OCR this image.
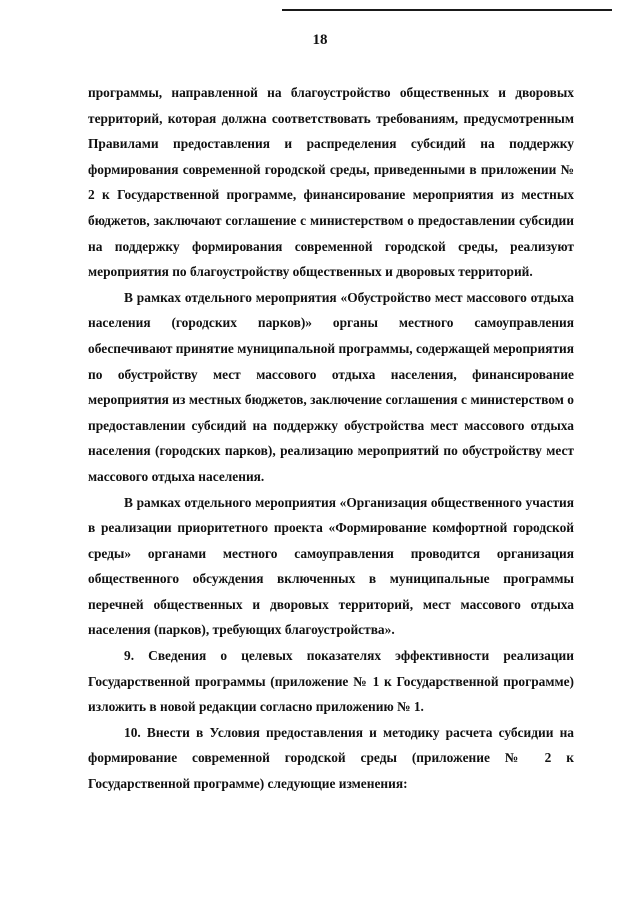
18

программы, направленной на благоустройство общественных и дворовых территорий, которая должна соответствовать требованиям, предусмотренным Правилами предоставления и распределения субсидий на поддержку формирования современной городской среды, приведенными в приложении № 2 к Государственной программе, финансирование мероприятия из местных бюджетов, заключают соглашение с министерством о предоставлении субсидии на поддержку формирования современной городской среды, реализуют мероприятия по благоустройству общественных и дворовых территорий.

В рамках отдельного мероприятия «Обустройство мест массового отдыха населения (городских парков)» органы местного самоуправления обеспечивают принятие муниципальной программы, содержащей мероприятия по обустройству мест массового отдыха населения, финансирование мероприятия из местных бюджетов, заключение соглашения с министерством о предоставлении субсидий на поддержку обустройства мест массового отдыха населения (городских парков), реализацию мероприятий по обустройству мест массового отдыха населения.

В рамках отдельного мероприятия «Организация общественного участия в реализации приоритетного проекта «Формирование комфортной городской среды» органами местного самоуправления проводится организация общественного обсуждения включенных в муниципальные программы перечней общественных и дворовых территорий, мест массового отдыха населения (парков), требующих благоустройства».

9. Сведения о целевых показателях эффективности реализации Государственной программы (приложение № 1 к Государственной программе) изложить в новой редакции согласно приложению № 1.

10. Внести в Условия предоставления и методику расчета субсидии на формирование современной городской среды (приложение № 2 к Государственной программе) следующие изменения:
